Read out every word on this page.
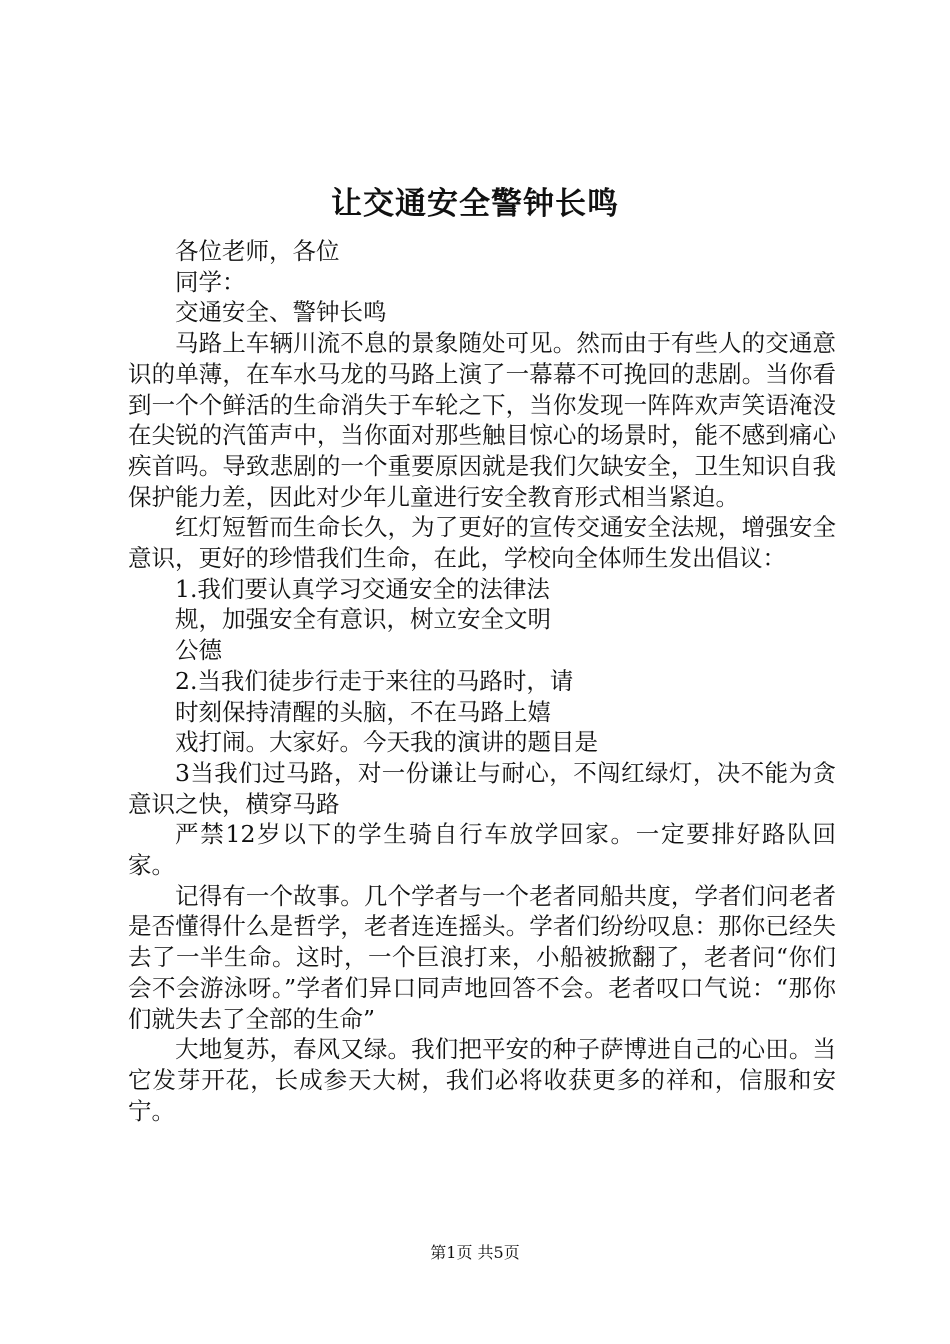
让交通安全警钟长鸣

各位老师，各位

同学：

交通安全、警钟长鸣

马路上车辆川流不息的景象随处可见。然而由于有些人的交通意识的单薄，在车水马龙的马路上演了一幕幕不可挽回的悲剧。当你看到一个个鲜活的生命消失于车轮之下，当你发现一阵阵欢声笑语淹没在尖锐的汽笛声中，当你面对那些触目惊心的场景时，能不感到痛心疾首吗。导致悲剧的一个重要原因就是我们欠缺安全，卫生知识自我保护能力差，因此对少年儿童进行安全教育形式相当紧迫。

红灯短暂而生命长久，为了更好的宣传交通安全法规，增强安全意识，更好的珍惜我们生命，在此，学校向全体师生发出倡议：

1.我们要认真学习交通安全的法律法

规，加强安全有意识，树立安全文明

公德

2.当我们徒步行走于来往的马路时，请

时刻保持清醒的头脑，不在马路上嬉

戏打闹。大家好。今天我的演讲的题目是

3当我们过马路，对一份谦让与耐心，不闯红绿灯，决不能为贪意识之快，横穿马路

严禁12岁以下的学生骑自行车放学回家。一定要排好路队回家。

记得有一个故事。几个学者与一个老者同船共度，学者们问老者是否懂得什么是哲学，老者连连摇头。学者们纷纷叹息：那你已经失去了一半生命。这时，一个巨浪打来，小船被掀翻了，老者问“你们会不会游泳呀。”学者们异口同声地回答不会。老者叹口气说：“那你们就失去了全部的生命”

大地复苏，春风又绿。我们把平安的种子萨博进自己的心田。当它发芽开花，长成参天大树，我们必将收获更多的祥和，信服和安宁。

第1页 共5页
